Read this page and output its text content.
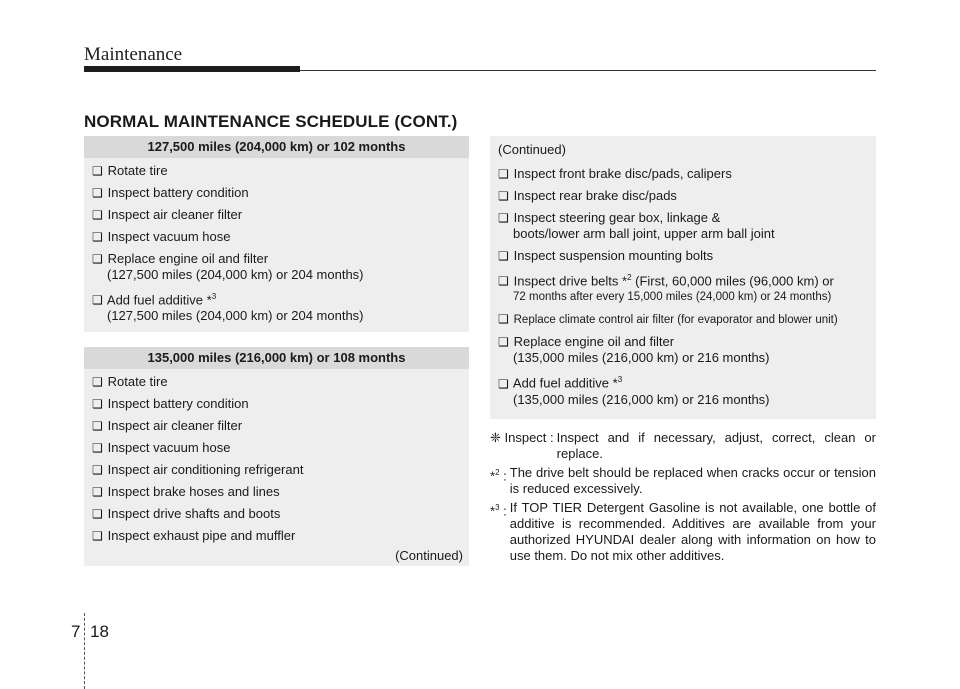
Maintenance
NORMAL MAINTENANCE SCHEDULE (CONT.)
127,500 miles (204,000 km) or 102 months
❑ Rotate tire
❑ Inspect battery condition
❑ Inspect air cleaner filter
❑ Inspect vacuum hose
❑ Replace engine oil and filter
(127,500 miles (204,000 km) or 204 months)
❑ Add fuel additive *$^3$
(127,500 miles (204,000 km) or 204 months)
135,000 miles (216,000 km) or 108 months
❑ Rotate tire
❑ Inspect battery condition
❑ Inspect air cleaner filter
❑ Inspect vacuum hose
❑ Inspect air conditioning refrigerant
❑ Inspect brake hoses and lines
❑ Inspect drive shafts and boots
❑ Inspect exhaust pipe and muffler
(Continued)
(Continued)
❑ Inspect front brake disc/pads, calipers
❑ Inspect rear brake disc/pads
❑ Inspect steering gear box, linkage &
boots/lower arm ball joint, upper arm ball joint
❑ Inspect suspension mounting bolts
❑ Inspect drive belts *$^2$ (First, 60,000 miles (96,000 km) or
72 months after every 15,000 miles (24,000 km) or 24 months)
❑ Replace climate control air filter (for evaporator and blower unit)
❑ Replace engine oil and filter
(135,000 miles (216,000 km) or 216 months)
❑ Add fuel additive *$^3$
(135,000 miles (216,000 km) or 216 months)
❈ Inspect : Inspect and if necessary, adjust, correct, clean or replace.
*$^2$ : The drive belt should be replaced when cracks occur or tension is reduced excessively.
*$^3$ : If TOP TIER Detergent Gasoline is not available, one bottle of additive is recommended. Additives are available from your authorized HYUNDAI dealer along with information on how to use them. Do not mix other additives.
7 18
